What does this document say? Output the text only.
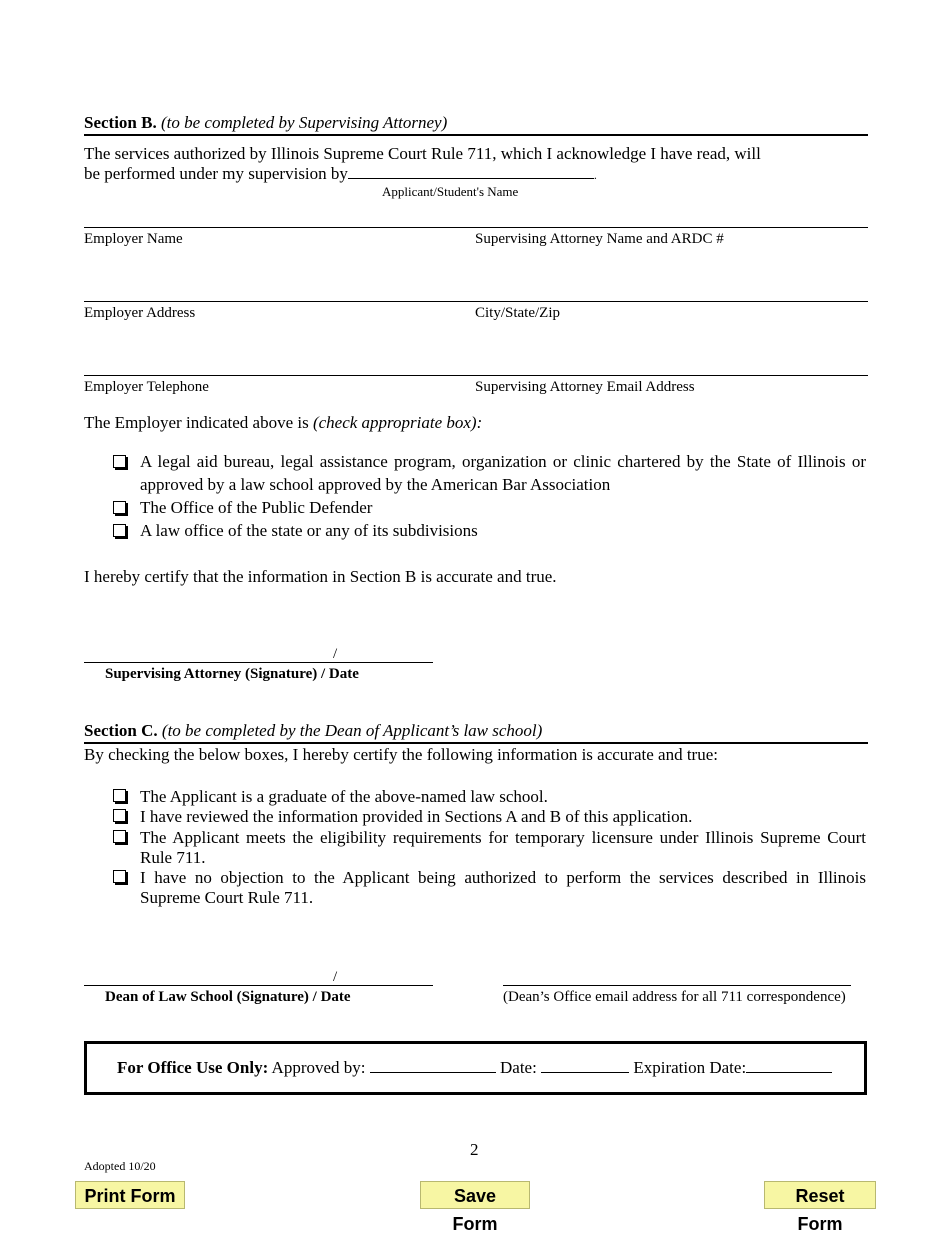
Section B. (to be completed by Supervising Attorney)
The services authorized by Illinois Supreme Court Rule 711, which I acknowledge I have read, will
be performed under my supervision by	.
Applicant/Student's Name
Employer Name	Supervising Attorney Name and ARDC #
Employer Address	City/State/Zip
Employer Telephone	Supervising Attorney Email Address
The Employer indicated above is (check appropriate box):
A legal aid bureau, legal assistance program, organization or clinic chartered by the State of Illinois or approved by a law school approved by the American Bar Association
The Office of the Public Defender
A law office of the state or any of its subdivisions
I hereby certify that the information in Section B is accurate and true.
/
Supervising Attorney (Signature) / Date
Section C. (to be completed by the Dean of Applicant’s law school)
By checking the below boxes, I hereby certify the following information is accurate and true:
The Applicant is a graduate of the above-named law school.
I have reviewed the information provided in Sections A and B of this application.
The Applicant meets the eligibility requirements for temporary licensure under Illinois Supreme Court Rule 711.
I have no objection to the Applicant being authorized to perform the services described in Illinois Supreme Court Rule 711.
/
Dean of Law School (Signature) / Date	(Dean’s Office email address for all 711 correspondence)
For Office Use Only: Approved by:	Date:	Expiration Date:
2
Adopted 10/20
Print Form	Save Form
Reset Form
